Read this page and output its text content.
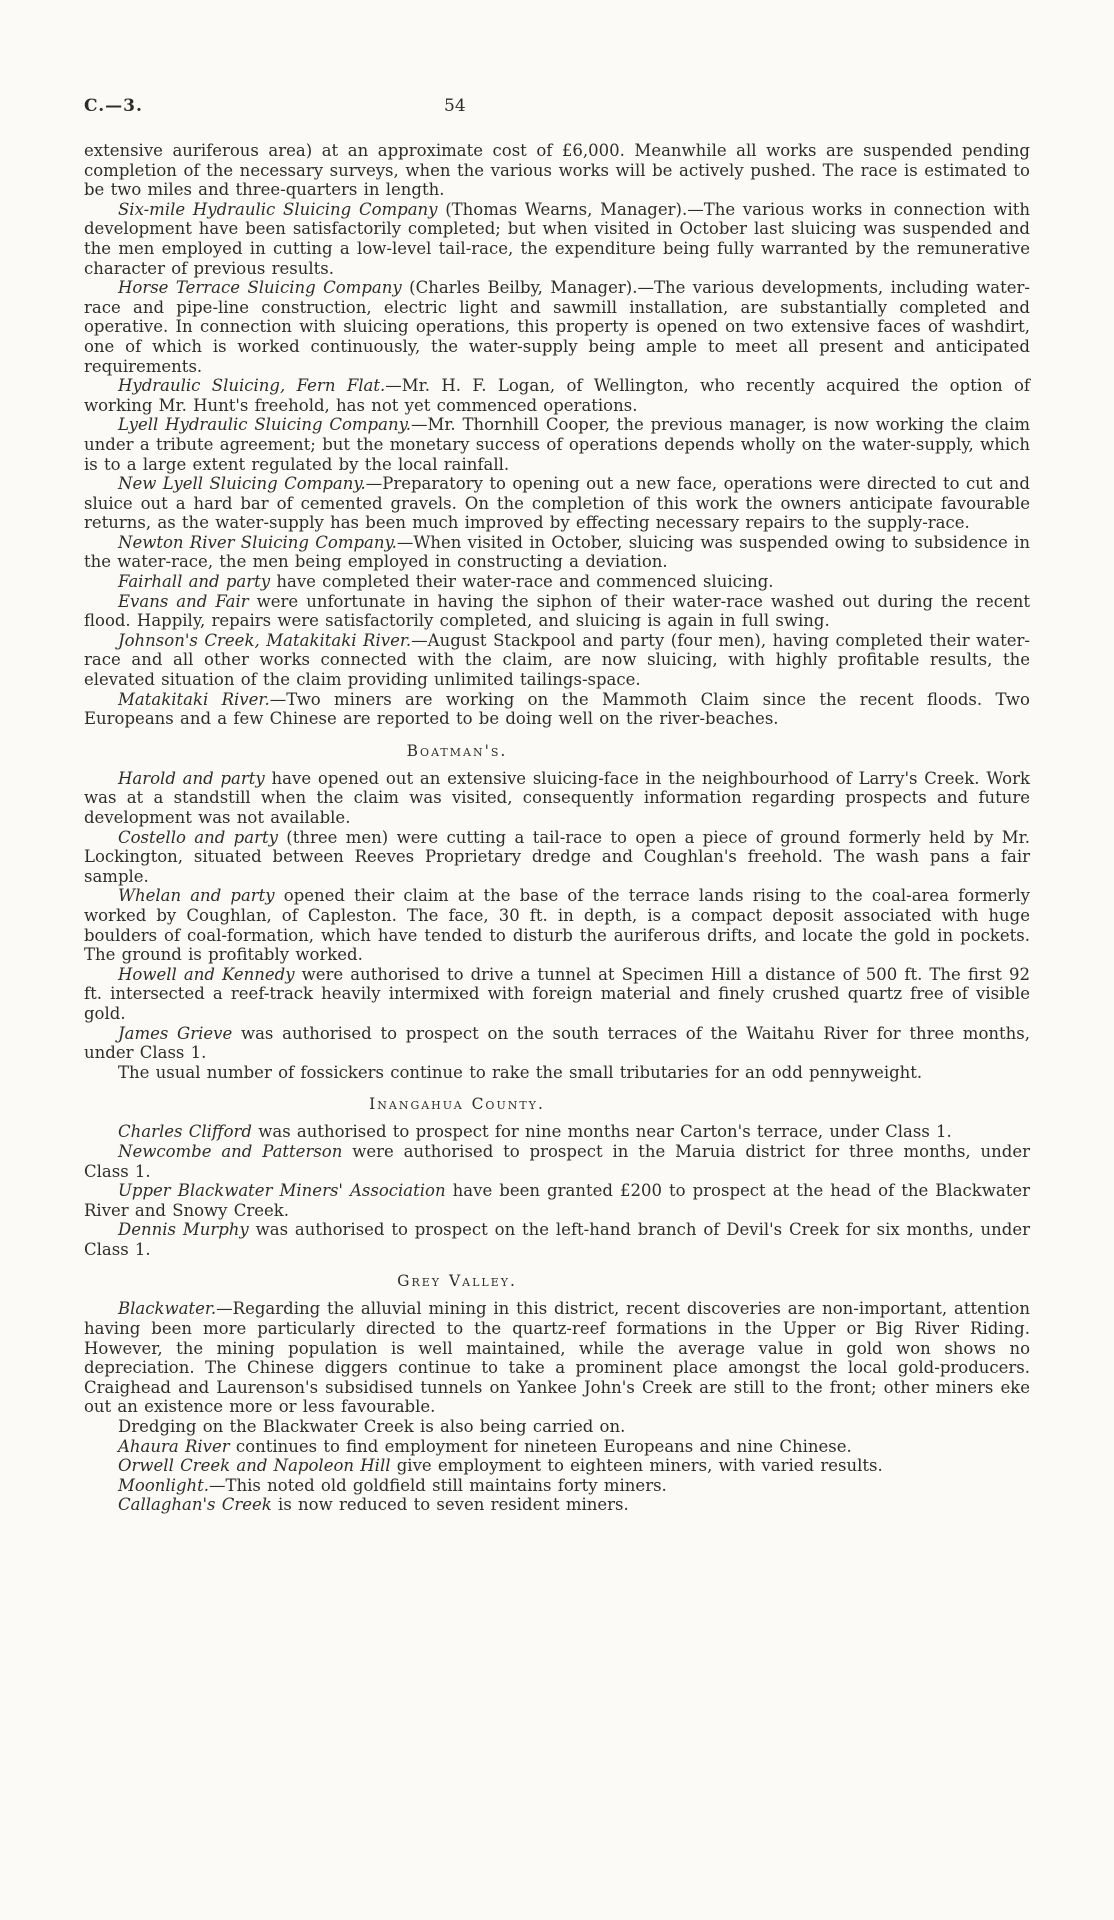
C.—3.	54

extensive auriferous area) at an approximate cost of £6,000. Meanwhile all works are suspended pending completion of the necessary surveys, when the various works will be actively pushed. The race is estimated to be two miles and three-quarters in length.

Six-mile Hydraulic Sluicing Company (Thomas Wearns, Manager).—The various works in connection with development have been satisfactorily completed; but when visited in October last sluicing was suspended and the men employed in cutting a low-level tail-race, the expenditure being fully warranted by the remunerative character of previous results.

Horse Terrace Sluicing Company (Charles Beilby, Manager).—The various developments, including water-race and pipe-line construction, electric light and sawmill installation, are substantially completed and operative. In connection with sluicing operations, this property is opened on two extensive faces of washdirt, one of which is worked continuously, the water-supply being ample to meet all present and anticipated requirements.

Hydraulic Sluicing, Fern Flat.—Mr. H. F. Logan, of Wellington, who recently acquired the option of working Mr. Hunt's freehold, has not yet commenced operations.

Lyell Hydraulic Sluicing Company.—Mr. Thornhill Cooper, the previous manager, is now working the claim under a tribute agreement; but the monetary success of operations depends wholly on the water-supply, which is to a large extent regulated by the local rainfall.

New Lyell Sluicing Company.—Preparatory to opening out a new face, operations were directed to cut and sluice out a hard bar of cemented gravels. On the completion of this work the owners anticipate favourable returns, as the water-supply has been much improved by effecting necessary repairs to the supply-race.

Newton River Sluicing Company.—When visited in October, sluicing was suspended owing to subsidence in the water-race, the men being employed in constructing a deviation.

Fairhall and party have completed their water-race and commenced sluicing.

Evans and Fair were unfortunate in having the siphon of their water-race washed out during the recent flood. Happily, repairs were satisfactorily completed, and sluicing is again in full swing.

Johnson's Creek, Matakitaki River.—August Stackpool and party (four men), having completed their water-race and all other works connected with the claim, are now sluicing, with highly profitable results, the elevated situation of the claim providing unlimited tailings-space.

Matakitaki River.—Two miners are working on the Mammoth Claim since the recent floods. Two Europeans and a few Chinese are reported to be doing well on the river-beaches.

Boatman's.

Harold and party have opened out an extensive sluicing-face in the neighbourhood of Larry's Creek. Work was at a standstill when the claim was visited, consequently information regarding prospects and future development was not available.

Costello and party (three men) were cutting a tail-race to open a piece of ground formerly held by Mr. Lockington, situated between Reeves Proprietary dredge and Coughlan's freehold. The wash pans a fair sample.

Whelan and party opened their claim at the base of the terrace lands rising to the coal-area formerly worked by Coughlan, of Capleston. The face, 30 ft. in depth, is a compact deposit associated with huge boulders of coal-formation, which have tended to disturb the auriferous drifts, and locate the gold in pockets. The ground is profitably worked.

Howell and Kennedy were authorised to drive a tunnel at Specimen Hill a distance of 500 ft. The first 92 ft. intersected a reef-track heavily intermixed with foreign material and finely crushed quartz free of visible gold.

James Grieve was authorised to prospect on the south terraces of the Waitahu River for three months, under Class 1.

The usual number of fossickers continue to rake the small tributaries for an odd pennyweight.

Inangahua County.

Charles Clifford was authorised to prospect for nine months near Carton's terrace, under Class 1.

Newcombe and Patterson were authorised to prospect in the Maruia district for three months, under Class 1.

Upper Blackwater Miners' Association have been granted £200 to prospect at the head of the Blackwater River and Snowy Creek.

Dennis Murphy was authorised to prospect on the left-hand branch of Devil's Creek for six months, under Class 1.

Grey Valley.

Blackwater.—Regarding the alluvial mining in this district, recent discoveries are non-important, attention having been more particularly directed to the quartz-reef formations in the Upper or Big River Riding. However, the mining population is well maintained, while the average value in gold won shows no depreciation. The Chinese diggers continue to take a prominent place amongst the local gold-producers. Craighead and Laurenson's subsidised tunnels on Yankee John's Creek are still to the front; other miners eke out an existence more or less favourable.

Dredging on the Blackwater Creek is also being carried on.

Ahaura River continues to find employment for nineteen Europeans and nine Chinese.

Orwell Creek and Napoleon Hill give employment to eighteen miners, with varied results.

Moonlight.—This noted old goldfield still maintains forty miners.

Callaghan's Creek is now reduced to seven resident miners.
